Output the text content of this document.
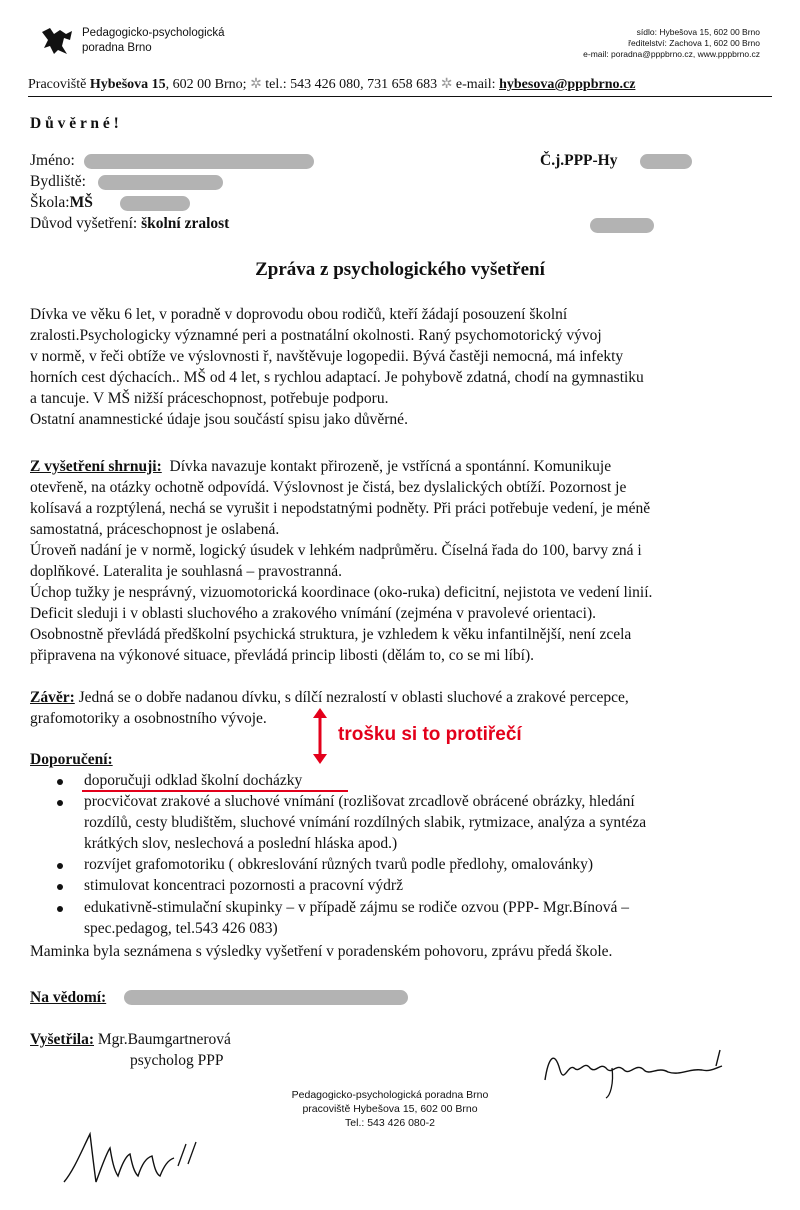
Pedagogicko-psychologická
poradna Brno
sídlo: Hybešova 15, 602 00 Brno
ředitelství: Zachova 1, 602 00 Brno
e-mail: poradna@pppbrno.cz, www.pppbrno.cz
Pracoviště Hybešova 15, 602 00 Brno; ✲ tel.: 543 426 080, 731 658 683 ✲ e-mail: hybesova@pppbrno.cz
D ů v ě r n é !
Jméno:
Bydliště:
Škola:MŠ
Důvod vyšetření: školní zralost
Č.j.PPP-Hy
Zpráva z psychologického vyšetření
Dívka ve věku 6 let, v poradně v doprovodu obou rodičů, kteří žádají posouzení školní
zralosti.Psychologicky významné peri a postnatální okolnosti. Raný psychomotorický vývoj
v normě, v řeči obtíže ve výslovnosti ř, navštěvuje logopedii. Bývá častěji nemocná, má infekty
horních cest dýchacích.. MŠ od 4 let, s rychlou adaptací. Je pohybově zdatná, chodí na gymnastiku
a tancuje. V MŠ nižší práceschopnost, potřebuje podporu.
Ostatní anamnestické údaje jsou součástí spisu jako důvěrné.
Z vyšetření shrnuji: Dívka navazuje kontakt přirozeně, je vstřícná a spontánní. Komunikuje
otevřeně, na otázky ochotně odpovídá. Výslovnost je čistá, bez dyslalických obtíží. Pozornost je
kolísavá a rozptýlená, nechá se vyrušit i nepodstatnými podněty. Při práci potřebuje vedení, je méně
samostatná, práceschopnost je oslabená.
Úroveň nadání je v normě, logický úsudek v lehkém nadprůměru. Číselná řada do 100, barvy zná i
doplňkové. Lateralita je souhlasná – pravostranná.
Úchop tužky je nesprávný, vizuomotorická koordinace (oko-ruka) deficitní, nejistota ve vedení linií.
Deficit sleduji i v oblasti sluchového a zrakového vnímání (zejména v pravolevé orientaci).
Osobnostně převládá předškolní psychická struktura, je vzhledem k věku infantilnější, není zcela
připravena na výkonové situace, převládá princip libosti (dělám to, co se mi líbí).
Závěr: Jedná se o dobře nadanou dívku, s dílčí nezralostí v oblasti sluchové a zrakové percepce,
grafomotoriky a osobnostního vývoje.
trošku si to protiřečí
Doporučení:
doporučuji odklad školní docházky
procvičovat zrakové a sluchové vnímání (rozlišovat zrcadlově obrácené obrázky, hledání
rozdílů, cesty bludištěm, sluchové vnímání rozdílných slabik, rytmizace, analýza a syntéza
krátkých slov, neslechová a poslední hláska apod.)
rozvíjet grafomotoriku ( obkreslování různých tvarů podle předlohy, omalovánky)
stimulovat koncentraci pozornosti a pracovní výdrž
edukativně-stimulační skupinky – v případě zájmu se rodiče ozvou (PPP- Mgr.Bínová –
spec.pedagog, tel.543 426 083)
Maminka byla seznámena s výsledky vyšetření v poradenském pohovoru, zprávu předá škole.
Na vědomí:
Vyšetřila: Mgr.Baumgartnerová
psycholog PPP
Pedagogicko-psychologická poradna Brno
pracoviště Hybešova 15, 602 00 Brno
Tel.: 543 426 080-2
